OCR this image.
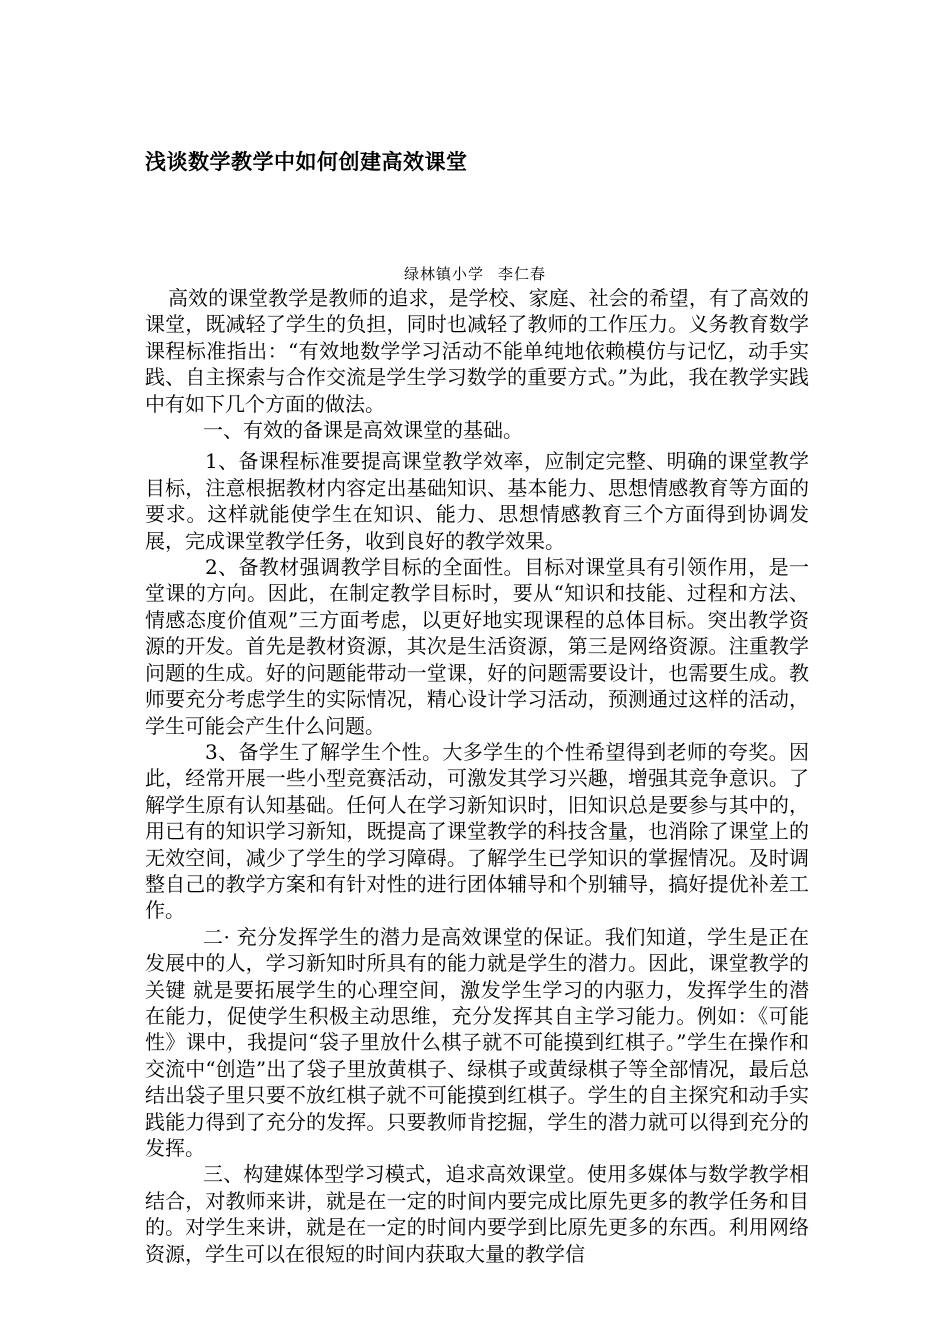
浅谈数学教学中如何创建高效课堂
绿林镇小学 李仁春

高效的课堂教学是教师的追求，是学校、家庭、社会的希望，有了高效的课堂，既减轻了学生的负担，同时也减轻了教师的工作压力。义务教育数学课程标准指出：“有效地数学学习活动不能单纯地依赖模仿与记忆，动手实践、自主探索与合作交流是学生学习数学的重要方式。”为此，我在教学实践中有如下几个方面的做法。

一、有效的备课是高效课堂的基础。

1、备课程标准要提高课堂教学效率，应制定完整、明确的课堂教学目标，注意根据教材内容定出基础知识、基本能力、思想情感教育等方面的要求。这样就能使学生在知识、能力、思想情感教育三个方面得到协调发展，完成课堂教学任务，收到良好的教学效果。

2、备教材强调教学目标的全面性。目标对课堂具有引领作用，是一堂课的方向。因此，在制定教学目标时，要从“知识和技能、过程和方法、情感态度价值观”三方面考虑，以更好地实现课程的总体目标。突出教学资源的开发。首先是教材资源，其次是生活资源，第三是网络资源。注重教学问题的生成。好的问题能带动一堂课，好的问题需要设计，也需要生成。教师要充分考虑学生的实际情况，精心设计学习活动，预测通过这样的活动，学生可能会产生什么问题。

3、备学生了解学生个性。大多学生的个性希望得到老师的夸奖。因此，经常开展一些小型竞赛活动，可激发其学习兴趣，增强其竞争意识。了解学生原有认知基础。任何人在学习新知识时，旧知识总是要参与其中的，用已有的知识学习新知，既提高了课堂教学的科技含量，也消除了课堂上的无效空间，减少了学生的学习障碍。了解学生已学知识的掌握情况。及时调整自己的教学方案和有针对性的进行团体辅导和个别辅导，搞好提优补差工作。

二· 充分发挥学生的潜力是高效课堂的保证。我们知道，学生是正在发展中的人，学习新知时所具有的能力就是学生的潜力。因此，课堂教学的关键 就是要拓展学生的心理空间，激发学生学习的内驱力，发挥学生的潜在能力，促使学生积极主动思维，充分发挥其自主学习能力。例如：《可能性》课中，我提问“袋子里放什么棋子就不可能摸到红棋子。”学生在操作和交流中“创造”出了袋子里放黄棋子、绿棋子或黄绿棋子等全部情况，最后总结出袋子里只要不放红棋子就不可能摸到红棋子。学生的自主探究和动手实践能力得到了充分的发挥。只要教师肯挖掘，学生的潜力就可以得到充分的发挥。

三、构建媒体型学习模式，追求高效课堂。使用多媒体与数学教学相结合，对教师来讲，就是在一定的时间内要完成比原先更多的教学任务和目的。对学生来讲，就是在一定的时间内要学到比原先更多的东西。利用网络资源，学生可以在很短的时间内获取大量的教学信
